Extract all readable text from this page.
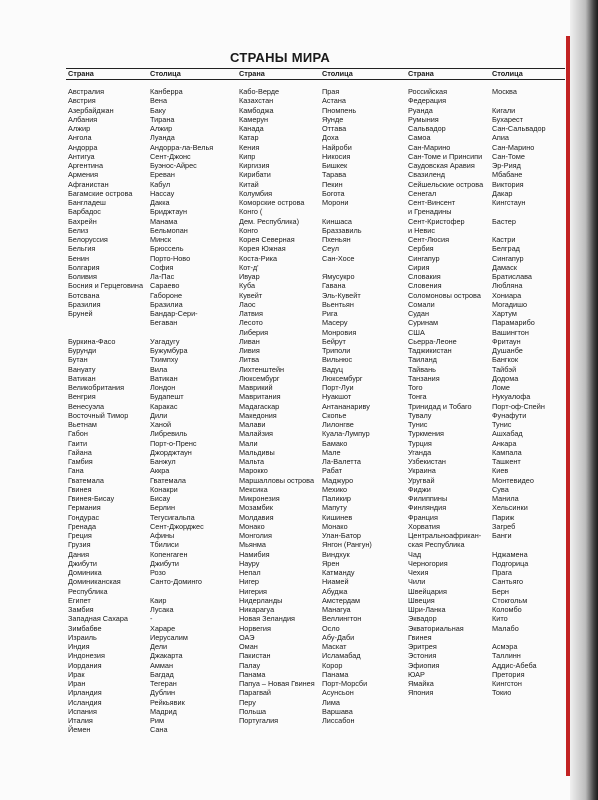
СТРАНЫ МИРА
Страна	Столица	Страна	Столица	Страна	Столица
Австралия	Канберра
Австрия	Вена
Азербайджан	Баку
Албания	Тирана
Алжир	Алжир
Ангола	Луанда
Андорра	Андорра-ла-Велья
Антигуа	Сент-Джонс
Аргентина	Буэнос-Айрес
Армения	Ереван
Афганистан	Кабул
Багамские острова	Нассау
Бангладеш	Дакка
Барбадос	Бриджтаун
Бахрейн	Манама
Белиз	Бельмопан
Белоруссия	Минск
Бельгия	Брюссель
Бенин	Порто-Ново
Болгария	София
Боливия	Ла-Пас
Босния и Герцеговина Сараево
Ботсвана	Габороне
Бразилия	Бразилиа
Бруней	Бандар-Сери-
Бегаван
Буркина-Фасо	Уагадугу
Бурунди	Бужумбура
Бутан	Тхимпху
Вануату	Вила
Ватикан	Ватикан
Великобритания	Лондон
Венгрия	Будапешт
Венесуэла	Каракас
Восточный Тимор	Дили
Вьетнам	Ханой
Габон	Либревиль
Гаити	Порт-о-Пренс
Гайана	Джорджтаун
Гамбия	Банжул
Гана	Аккра
Гватемала	Гватемала
Гвинея	Конакри
Гвинея-Бисау	Бисау
Германия	Берлин
Гондурас	Тегусигальпа
Гренада	Сент-Джорджес
Греция	Афины
Грузия	Тбилиси
Дания	Копенгаген
Джибути	Джибути
Доминика	Розо
Доминиканская	Санто-Доминго
Республика
Египет	Каир
Замбия	Лусака
Западная Сахара	-
Зимбабве	Хараре
Израиль	Иерусалим
Индия	Дели
Индонезия	Джакарта
Иордания	Амман
Ирак	Багдад
Иран	Тегеран
Ирландия	Дублин
Исландия	Рейкьявик
Испания	Мадрид
Италия	Рим
Йемен	Сана
Кабо-Верде	Прая
Казахстан	Астана
Камбоджа	Пномпень
Камерун	Яунде
Канада	Оттава
Катар	Доха
Кения	Найроби
Кипр	Никосия
Киргизия	Бишкек
Кирибати	Тарава
Китай	Пекин
Колумбия	Богота
Коморские острова	Морони
Конго (
Дем. Республика)	Киншаса
Конго	Браззавиль
Корея Северная	Пхеньян
Корея Южная	Сеул
Коста-Рика	Сан-Хосе
Кот-д'
Ивуар	Ямусукро
Куба	Гавана
Кувейт	Эль-Кувейт
Лаос	Вьентьян
Латвия	Рига
Лесото	Масеру
Либерия	Монровия
Ливан	Бейрут
Ливия	Триполи
Литва	Вильнюс
Лихтенштейн	Вадуц
Люксембург	Люксембург
Маврикий	Порт-Луи
Мавритания	Нуакшот
Мадагаскар	Антананариву
Македония	Скопье
Малави	Лилонгве
Малайзия	Куала-Лумпур
Мали	Бамако
Мальдивы	Мале
Мальта	Ла-Валетта
Марокко	Рабат
Маршалловы острова	Маджуро
Мексика	Мехико
Микронезия	Паликир
Мозамбик	Мапуту
Молдавия	Кишинев
Монако	Монако
Монголия	Улан-Батор
Мьянма	Янгон (Рангун)
Намибия	Виндхук
Науру	Ярен
Непал	Катманду
Нигер	Ниамей
Нигерия	Абуджа
Нидерланды	Амстердам
Никарагуа	Манагуа
Новая Зеландия	Веллингтон
Норвегия	Осло
ОАЭ	Абу-Даби
Оман	Маскат
Пакистан	Исламабад
Палау	Корор
Панама	Панама
Папуа – Новая Гвинея	Порт-Морсби
Парагвай	Асунсьон
Перу	Лима
Польша	Варшава
Португалия	Лиссабон
Российская	Москва
Федерация
Руанда	Кигали
Румыния	Бухарест
Сальвадор	Сан-Сальвадор
Самоа	Апиа
Сан-Марино	Сан-Марино
Сан-Томе и Принсипи	Сан-Томе
Саудовская Аравия	Эр-Рияд
Свазиленд	Мбабане
Сейшельские острова	Виктория
Сенегал	Дакар
Сент-Винсент	Кингстаун
и Гренадины
Сент-Кристофер	Бастер
и Невис
Сент-Люсия	Кастри
Сербия	Белград
Сингапур	Сингапур
Сирия	Дамаск
Словакия	Братислава
Словения	Любляна
Соломоновы острова	Хониара
Сомали	Могадишо
Судан	Хартум
Суринам	Парамарибо
США	Вашингтон
Сьерра-Леоне	Фритаун
Таджикистан	Душанбе
Таиланд	Бангкок
Тайвань	Тайбэй
Танзания	Додома
Того	Ломе
Тонга	Нукуалофа
Тринидад и Тобаго	Порт-оф-Спейн
Тувалу	Фунафути
Тунис	Тунис
Туркмения	Ашхабад
Турция	Анкара
Уганда	Кампала
Узбекистан	Ташкент
Украина	Киев
Уругвай	Монтевидео
Фиджи	Сува
Филиппины	Манила
Финляндия	Хельсинки
Франция	Париж
Хорватия	Загреб
Центральноафрикан-	Банги
ская Республика
Чад	Нджамена
Черногория	Подгорица
Чехия	Прага
Чили	Сантьяго
Швейцария	Берн
Швеция	Стокгольм
Шри-Ланка	Коломбо
Эквадор	Кито
Экваториальная	Малабо
Гвинея
Эритрея	Асмэра
Эстония	Таллинн
Эфиопия	Аддис-Абеба
ЮАР	Претория
Ямайка	Кингстон
Япония	Токио
